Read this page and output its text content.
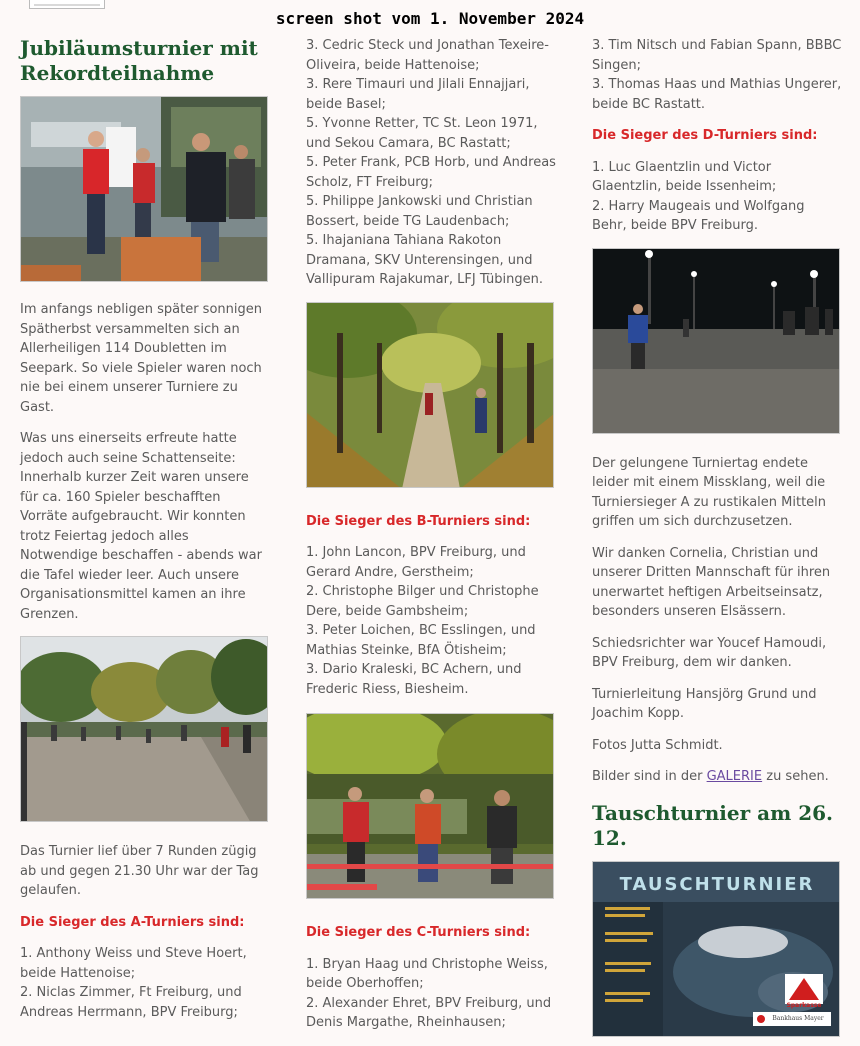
screen shot vom 1. November 2024
Jubiläumsturnier mit Rekordteilnahme

Im anfangs nebligen später sonnigen Spätherbst versammelten sich an Allerheiligen 114 Doubletten im Seepark. So viele Spieler waren noch nie bei einem unserer Turniere zu Gast.

Was uns einerseits erfreute hatte jedoch auch seine Schattenseite: Innerhalb kurzer Zeit waren unsere für ca. 160 Spieler beschafften Vorräte aufgebraucht. Wir konnten trotz Feiertag jedoch alles Notwendige beschaffen - abends war die Tafel wieder leer. Auch unsere Organisationsmittel kamen an ihre Grenzen.

Das Turnier lief über 7 Runden zügig ab und gegen 21.30 Uhr war der Tag gelaufen.

Die Sieger des A-Turniers sind:

1. Anthony Weiss und Steve Hoert, beide Hattenoise;
2. Niclas Zimmer, Ft Freiburg, und Andreas Herrmann, BPV Freiburg;

3. Cedric Steck und Jonathan Texeire-Oliveira, beide Hattenoise;
3. Rere Timauri und Jilali Ennajjari, beide Basel;
5. Yvonne Retter, TC St. Leon 1971, und Sekou Camara, BC Rastatt;
5. Peter Frank, PCB Horb, und Andreas Scholz, FT Freiburg;
5. Philippe Jankowski und Christian Bossert, beide TG Laudenbach;
5. Ihajaniana Tahiana Rakoton Dramana, SKV Unterensingen, und Vallipuram Rajakumar, LFJ Tübingen.

Die Sieger des B-Turniers sind:

1. John Lancon, BPV Freiburg, und Gerard Andre, Gerstheim;
2. Christophe Bilger und Christophe Dere, beide Gambsheim;
3. Peter Loichen, BC Esslingen, und Mathias Steinke, BfA Ötisheim;
3. Dario Kraleski, BC Achern, und Frederic Riess, Biesheim.

Die Sieger des C-Turniers sind:

1. Bryan Haag und Christophe Weiss, beide Oberhoffen;
2. Alexander Ehret, BPV Freiburg, und Denis Margathe, Rheinhausen;

3. Tim Nitsch und Fabian Spann, BBBC Singen;
3. Thomas Haas und Mathias Ungerer, beide BC Rastatt.

Die Sieger des D-Turniers sind:

1. Luc Glaentzlin und Victor Glaentzlin, beide Issenheim;
2. Harry Maugeais und Wolfgang Behr, beide BPV Freiburg.

Der gelungene Turniertag endete leider mit einem Missklang, weil die Turniersieger A zu rustikalen Mitteln griffen um sich durchzusetzen.

Wir danken Cornelia, Christian und unserer Dritten Mannschaft für ihren unerwartet heftigen Arbeitseinsatz, besonders unseren Elsässern.

Schiedsrichter war Youcef Hamoudi, BPV Freiburg, dem wir danken.

Turnierleitung Hansjörg Grund und Joachim Kopp.

Fotos Jutta Schmidt.

Bilder sind in der GALERIE zu sehen.

Tauschturnier am 26. 12.
TAUSCHTURNIER
Sparkasse
Bankhaus Mayer
